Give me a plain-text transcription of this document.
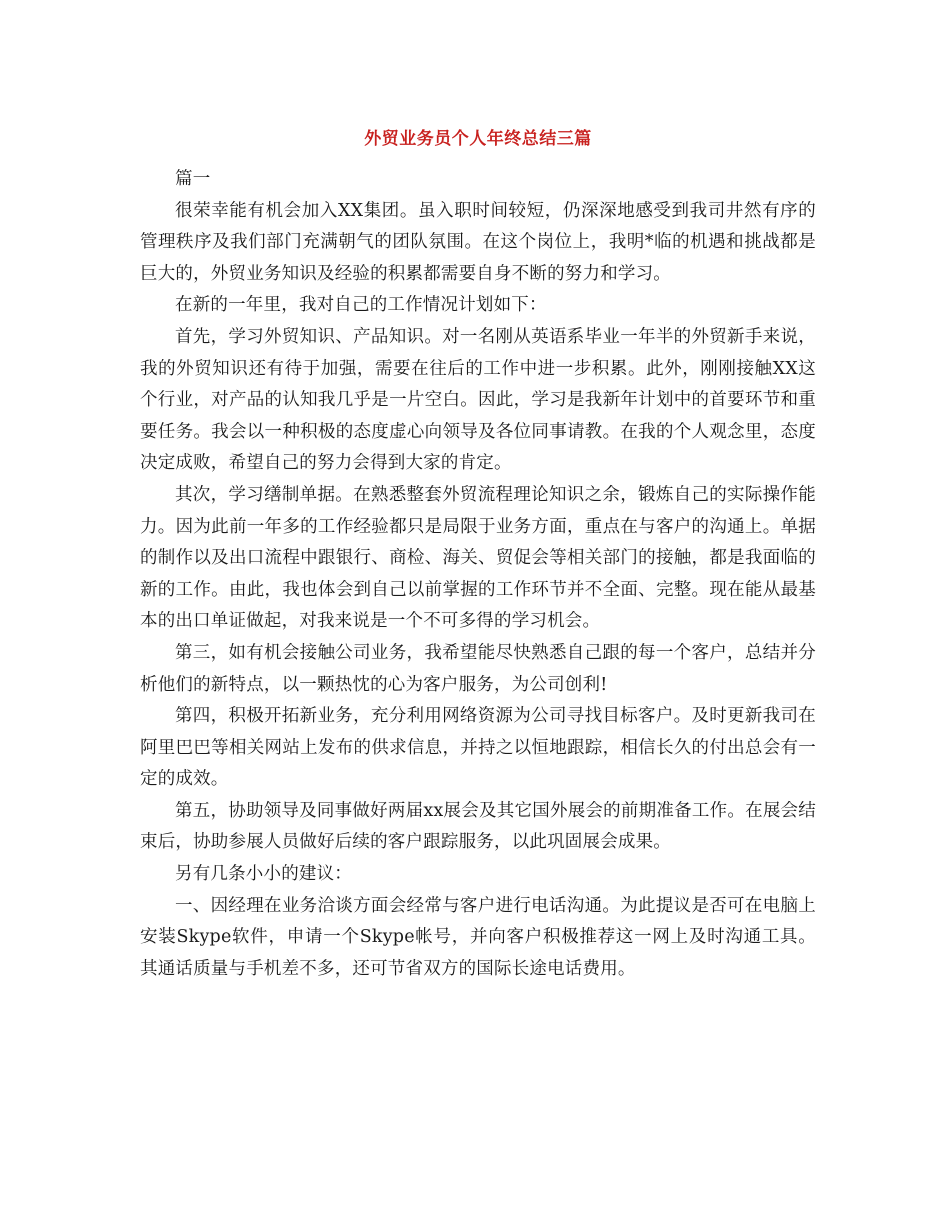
外贸业务员个人年终总结三篇

篇一

很荣幸能有机会加入XX集团。虽入职时间较短，仍深深地感受到我司井然有序的管理秩序及我们部门充满朝气的团队氛围。在这个岗位上，我明*临的机遇和挑战都是巨大的，外贸业务知识及经验的积累都需要自身不断的努力和学习。

在新的一年里，我对自己的工作情况计划如下：

首先，学习外贸知识、产品知识。对一名刚从英语系毕业一年半的外贸新手来说，我的外贸知识还有待于加强，需要在往后的工作中进一步积累。此外，刚刚接触XX这个行业，对产品的认知我几乎是一片空白。因此，学习是我新年计划中的首要环节和重要任务。我会以一种积极的态度虚心向领导及各位同事请教。在我的个人观念里，态度决定成败，希望自己的努力会得到大家的肯定。

其次，学习缮制单据。在熟悉整套外贸流程理论知识之余，锻炼自己的实际操作能力。因为此前一年多的工作经验都只是局限于业务方面，重点在与客户的沟通上。单据的制作以及出口流程中跟银行、商检、海关、贸促会等相关部门的接触，都是我面临的新的工作。由此，我也体会到自己以前掌握的工作环节并不全面、完整。现在能从最基本的出口单证做起，对我来说是一个不可多得的学习机会。

第三，如有机会接触公司业务，我希望能尽快熟悉自己跟的每一个客户，总结并分析他们的新特点，以一颗热忱的心为客户服务，为公司创利!

第四，积极开拓新业务，充分利用网络资源为公司寻找目标客户。及时更新我司在阿里巴巴等相关网站上发布的供求信息，并持之以恒地跟踪，相信长久的付出总会有一定的成效。

第五，协助领导及同事做好两届xx展会及其它国外展会的前期准备工作。在展会结束后，协助参展人员做好后续的客户跟踪服务，以此巩固展会成果。

另有几条小小的建议：

一、因经理在业务洽谈方面会经常与客户进行电话沟通。为此提议是否可在电脑上安装Skype软件，申请一个Skype帐号，并向客户积极推荐这一网上及时沟通工具。其通话质量与手机差不多，还可节省双方的国际长途电话费用。
